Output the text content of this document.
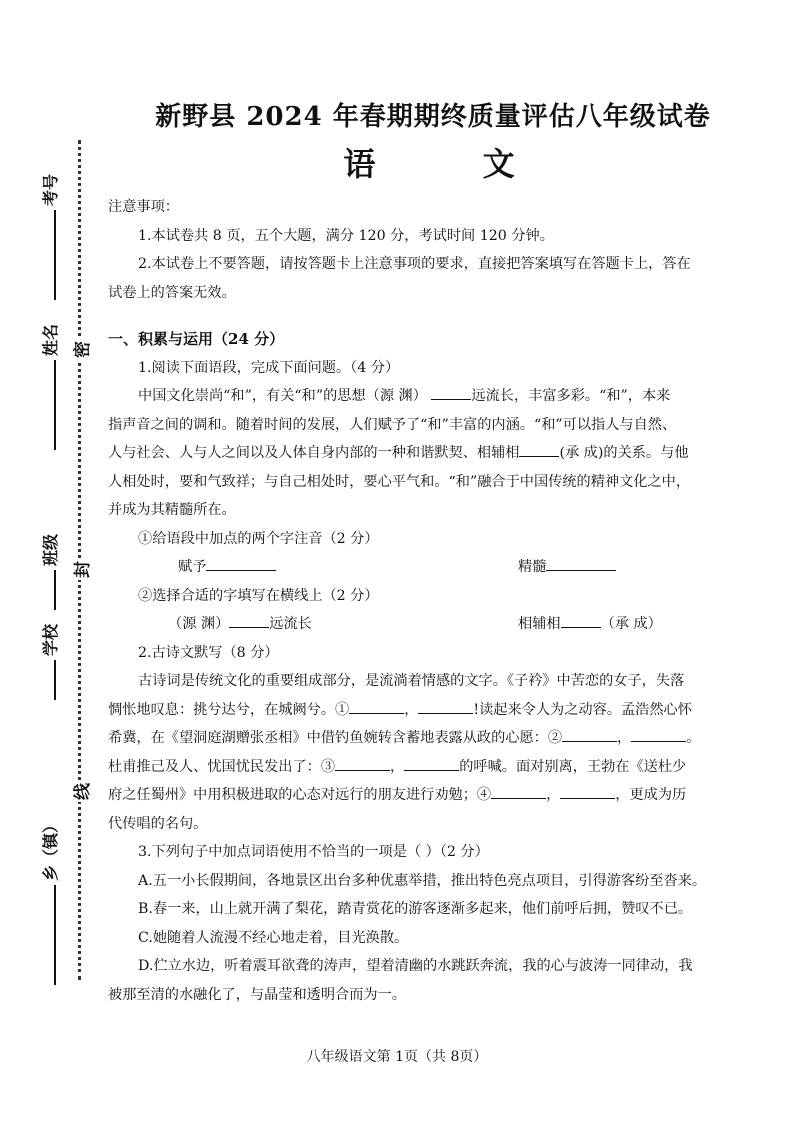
考号
姓名
班级
学校
乡（镇）
密
封
线
新野县 2024 年春期期终质量评估八年级试卷
语 文

注意事项：

1.本试卷共 8 页，五个大题，满分 120 分，考试时间 120 分钟。

2.本试卷上不要答题，请按答题卡上注意事项的要求，直接把答案填写在答题卡上，答在

试卷上的答案无效。

一、积累与运用（24 分）

1.阅读下面语段，完成下面问题。（4 分）

中国文化崇尚“和”，有关“和”的思想（源 渊）	远流长，丰富多彩。“和”，本来

指声音之间的调和。随着时间的发展，人们赋予了“和”丰富的内涵。“和”可以指人与自然、

人与社会、人与人之间以及人体自身内部的一种和谐默契、相辅相	(承 成)的关系。与他

人相处时，要和气致祥；与自己相处时，要心平气和。“和”融合于中国传统的精神文化之中，

并成为其精髓所在。

①给语段中加点的两个字注音（2 分）

赋予	精髓

②选择合适的字填写在横线上（2 分）

（源 渊）	远流长	相辅相	（承 成）

2.古诗文默写（8 分）

古诗词是传统文化的重要组成部分，是流淌着情感的文字。《子衿》中苦恋的女子，失落

惆怅地叹息：挑兮达兮，在城阙兮。①	，	!读起来令人为之动容。孟浩然心怀

希冀，在《望洞庭湖赠张丞相》中借钓鱼婉转含蓄地表露从政的心愿：②	，	。

杜甫推己及人、忧国忧民发出了：③	，	的呼喊。面对别离，王勃在《送杜少

府之任蜀州》中用积极进取的心态对远行的朋友进行劝勉；④	，	，更成为历

代传唱的名句。

3.下列句子中加点词语使用不恰当的一项是（ ）（2 分）

A.五一小长假期间，各地景区出台多种优惠举措，推出特色亮点项目，引得游客纷至沓来。

B.春一来，山上就开满了梨花，踏青赏花的游客逐渐多起来，他们前呼后拥，赞叹不已。

C.她随着人流漫不经心地走着，目光涣散。

D.伫立水边，听着震耳欲聋的涛声，望着清幽的水跳跃奔流，我的心与波涛一同律动，我

被那至清的水融化了，与晶莹和透明合而为一。

八年级语文第 1页（共 8页）
